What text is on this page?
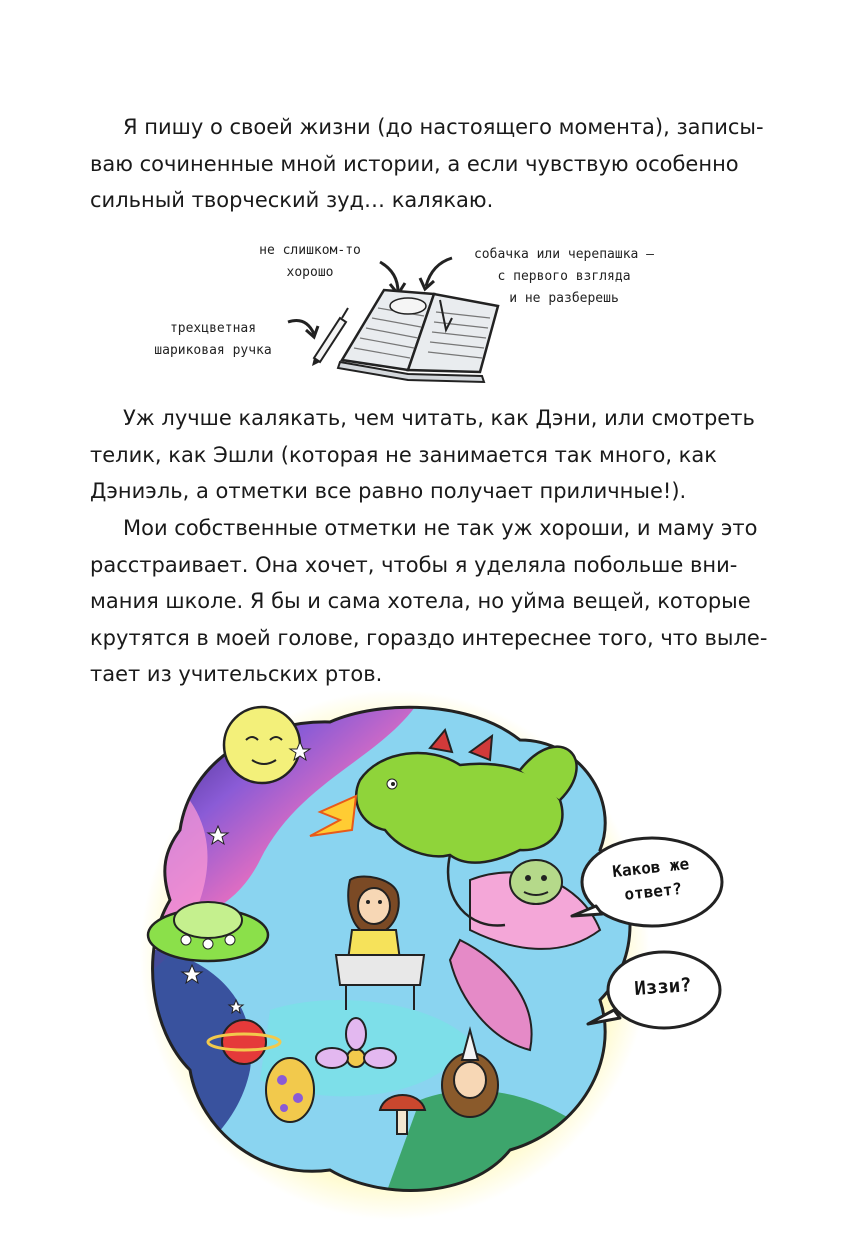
Я пишу о своей жизни (до настоящего момента), записы-
ваю сочиненные мной истории, а если чувствую особенно
сильный творческий зуд… калякаю.

не слишком-то
хорошо
собачка или черепашка —
с первого взгляда
и не разберешь
трехцветная
шариковая ручка

Уж лучше калякать, чем читать, как Дэни, или смотреть
телик, как Эшли (которая не занимается так много, как
Дэниэль, а отметки все равно получает приличные!).

Мои собственные отметки не так уж хороши, и маму это
расстраивает. Она хочет, чтобы я уделяла побольше вни-
мания школе. Я бы и сама хотела, но уйма вещей, которые
крутятся в моей голове, гораздо интереснее того, что выле-
тает из учительских ртов.

Каков же
ответ?
Иззи?
